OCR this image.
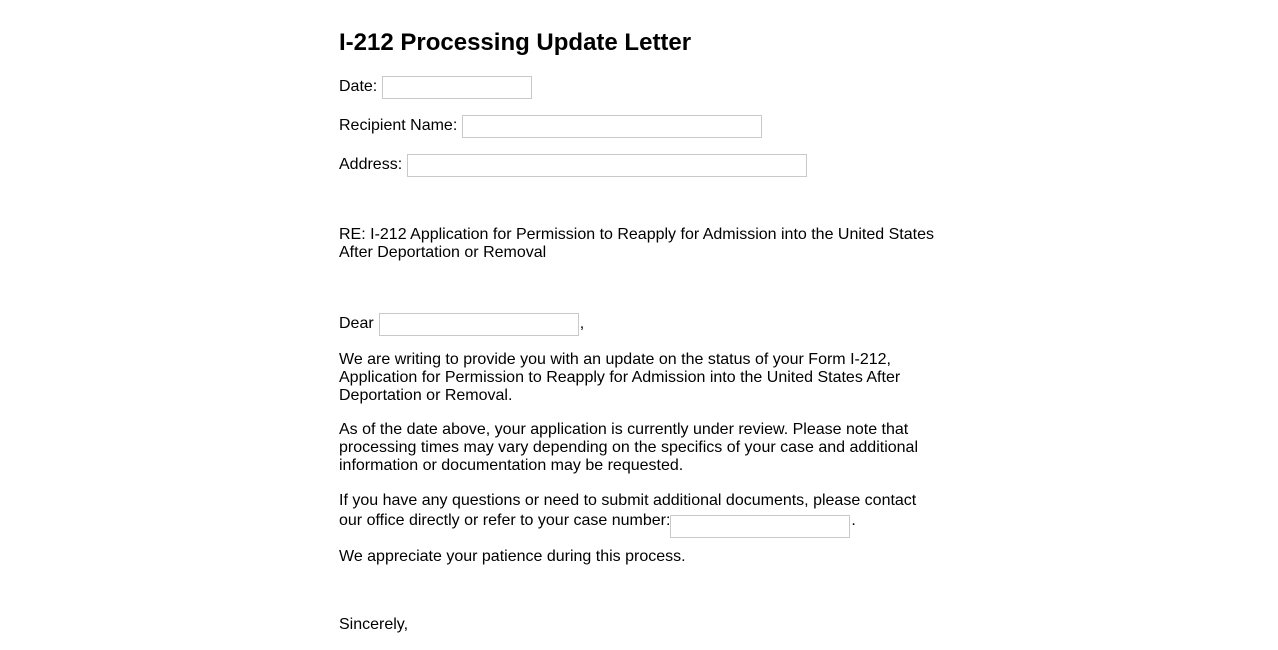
I-212 Processing Update Letter
Date:
Recipient Name:
Address:

RE: I-212 Application for Permission to Reapply for Admission into the United States After Deportation or Removal

Dear	,

We are writing to provide you with an update on the status of your Form I-212, Application for Permission to Reapply for Admission into the United States After Deportation or Removal.

As of the date above, your application is currently under review. Please note that processing times may vary depending on the specifics of your case and additional information or documentation may be requested.

If you have any questions or need to submit additional documents, please contact our office directly or refer to your case number:	.

We appreciate your patience during this process.

Sincerely,
